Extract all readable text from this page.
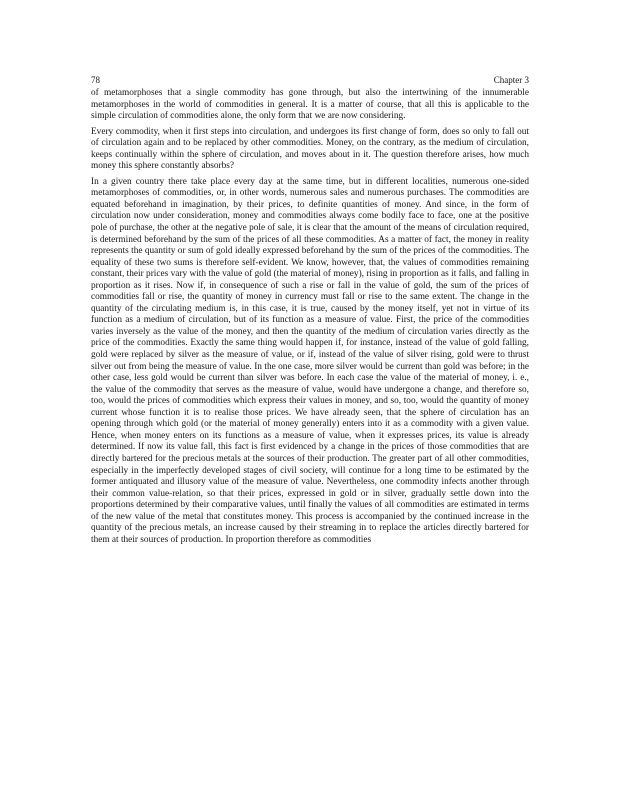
78	Chapter 3

of metamorphoses that a single commodity has gone through, but also the intertwining of the innumerable metamorphoses in the world of commodities in general. It is a matter of course, that all this is applicable to the simple circulation of commodities alone, the only form that we are now considering.

Every commodity, when it first steps into circulation, and undergoes its first change of form, does so only to fall out of circulation again and to be replaced by other commodities. Money, on the contrary, as the medium of circulation, keeps continually within the sphere of circulation, and moves about in it. The question therefore arises, how much money this sphere constantly absorbs?

In a given country there take place every day at the same time, but in different localities, numerous one-sided metamorphoses of commodities, or, in other words, numerous sales and numerous purchases. The commodities are equated beforehand in imagination, by their prices, to definite quantities of money. And since, in the form of circulation now under consideration, money and commodities always come bodily face to face, one at the positive pole of purchase, the other at the negative pole of sale, it is clear that the amount of the means of circulation required, is determined beforehand by the sum of the prices of all these commodities. As a matter of fact, the money in reality represents the quantity or sum of gold ideally expressed beforehand by the sum of the prices of the commodities. The equality of these two sums is therefore self-evident. We know, however, that, the values of commodities remaining constant, their prices vary with the value of gold (the material of money), rising in proportion as it falls, and falling in proportion as it rises. Now if, in consequence of such a rise or fall in the value of gold, the sum of the prices of commodities fall or rise, the quantity of money in currency must fall or rise to the same extent. The change in the quantity of the circulating medium is, in this case, it is true, caused by the money itself, yet not in virtue of its function as a medium of circulation, but of its function as a measure of value. First, the price of the commodities varies inversely as the value of the money, and then the quantity of the medium of circulation varies directly as the price of the commodities. Exactly the same thing would happen if, for instance, instead of the value of gold falling, gold were replaced by silver as the measure of value, or if, instead of the value of silver rising, gold were to thrust silver out from being the measure of value. In the one case, more silver would be current than gold was before; in the other case, less gold would be current than silver was before. In each case the value of the material of money, i. e., the value of the commodity that serves as the measure of value, would have undergone a change, and therefore so, too, would the prices of commodities which express their values in money, and so, too, would the quantity of money current whose function it is to realise those prices. We have already seen, that the sphere of circulation has an opening through which gold (or the material of money generally) enters into it as a commodity with a given value. Hence, when money enters on its functions as a measure of value, when it expresses prices, its value is already determined. If now its value fall, this fact is first evidenced by a change in the prices of those commodities that are directly bartered for the precious metals at the sources of their production. The greater part of all other commodities, especially in the imperfectly developed stages of civil society, will continue for a long time to be estimated by the former antiquated and illusory value of the measure of value. Nevertheless, one commodity infects another through their common value-relation, so that their prices, expressed in gold or in silver, gradually settle down into the proportions determined by their comparative values, until finally the values of all commodities are estimated in terms of the new value of the metal that constitutes money. This process is accompanied by the continued increase in the quantity of the precious metals, an increase caused by their streaming in to replace the articles directly bartered for them at their sources of production. In proportion therefore as commodities
